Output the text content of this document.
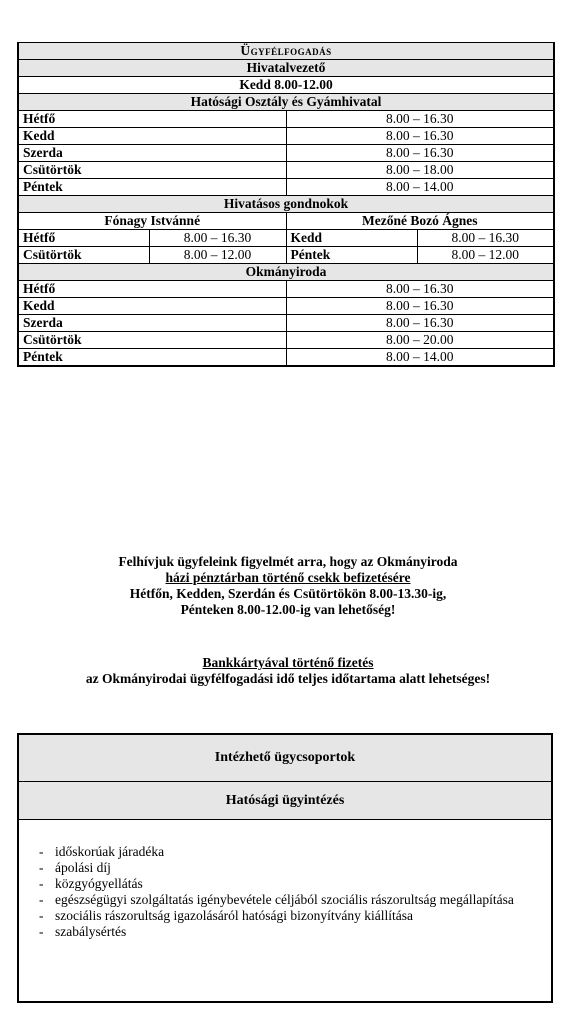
Ügyfélfogadás			
Hivatalvezető			
Kedd 8.00-12.00			
Hatósági Osztály és Gyámhivatal			
Hétfő		8.00 – 16.30	
Kedd		8.00 – 16.30	
Szerda		8.00 – 16.30	
Csütörtök		8.00 – 18.00	
Péntek		8.00 – 14.00	
Hivatásos gondnokok			
Fónagy Istvánné		Mezőné Bozó Ágnes	
Hétfő	8.00 – 16.30	Kedd	8.00 – 16.30
Csütörtök	8.00 – 12.00	Péntek	8.00 – 12.00
Okmányiroda			
Hétfő		8.00 – 16.30	
Kedd		8.00 – 16.30	
Szerda		8.00 – 16.30	
Csütörtök		8.00 – 20.00	
Péntek		8.00 – 14.00	
Felhívjuk ügyfeleink figyelmét arra, hogy az Okmányiroda
házi pénztárban történő csekk befizetésére
Hétfőn, Kedden, Szerdán és Csütörtökön 8.00-13.30-ig,
Pénteken 8.00-12.00-ig van lehetőség!
Bankkártyával történő fizetés
az Okmányirodai ügyfélfogadási idő teljes időtartama alatt lehetséges!
Intézhető ügycsoportok
Hatósági ügyintézés
- időskorúak járadéka
- ápolási díj
- közgyógyellátás
- egészségügyi szolgáltatás igénybevétele céljából szociális rászorultság megállapítása
- szociális rászorultság igazolásáról hatósági bizonyítvány kiállítása
- szabálysértés
